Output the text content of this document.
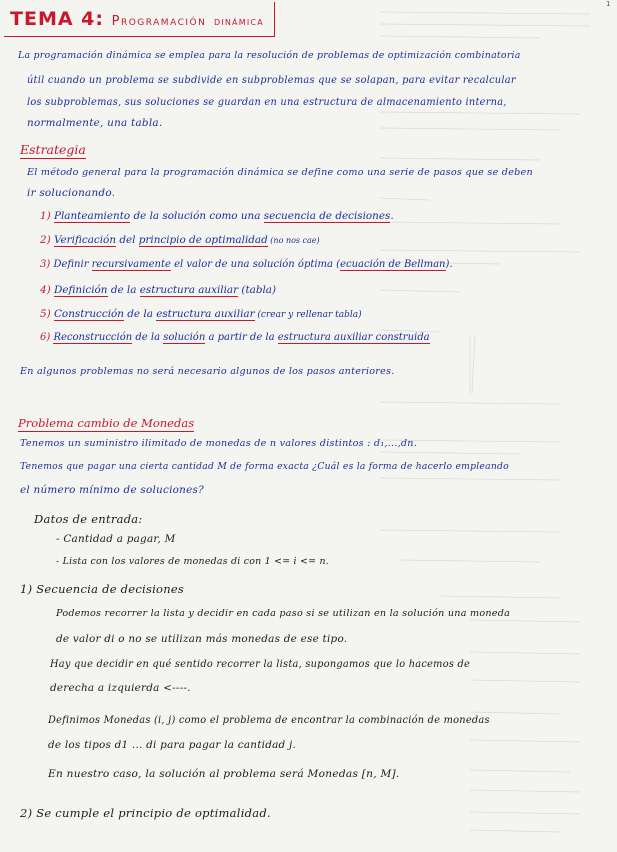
1
TEMA 4: Programación dinámica
La programación dinámica se emplea para la resolución de problemas de optimización combinatoria
útil cuando un problema se subdivide en subproblemas que se solapan, para evitar recalcular
los subproblemas, sus soluciones se guardan en una estructura de almacenamiento interna,
normalmente, una tabla.
Estrategia
El método general para la programación dinámica se define como una serie de pasos que se deben
ir solucionando.
1) Planteamiento de la solución como una secuencia de decisiones.
2) Verificación del principio de optimalidad (no nos cae)
3) Definir recursivamente el valor de una solución óptima (ecuación de Bellman).
4) Definición de la estructura auxiliar (tabla)
5) Construcción de la estructura auxiliar (crear y rellenar tabla)
6) Reconstrucción de la solución a partir de la estructura auxiliar construida
En algunos problemas no será necesario algunos de los pasos anteriores.
Problema cambio de Monedas
Tenemos un suministro ilimitado de monedas de n valores distintos : d₁,...,dn.
Tenemos que pagar una cierta cantidad M de forma exacta ¿Cuál es la forma de hacerlo empleando
el número mínimo de soluciones?
Datos de entrada:
- Cantidad a pagar, M
- Lista con los valores de monedas di con 1 <= i <= n.
1) Secuencia de decisiones
Podemos recorrer la lista y decidir en cada paso si se utilizan en la solución una moneda
de valor di o no se utilizan más monedas de ese tipo.
Hay que decidir en qué sentido recorrer la lista, supongamos que lo hacemos de
derecha a izquierda <----.
Definimos Monedas (i, j) como el problema de encontrar la combinación de monedas
de los tipos d1 ... di para pagar la cantidad j.
En nuestro caso, la solución al problema será Monedas [n, M].
2) Se cumple el principio de optimalidad.
